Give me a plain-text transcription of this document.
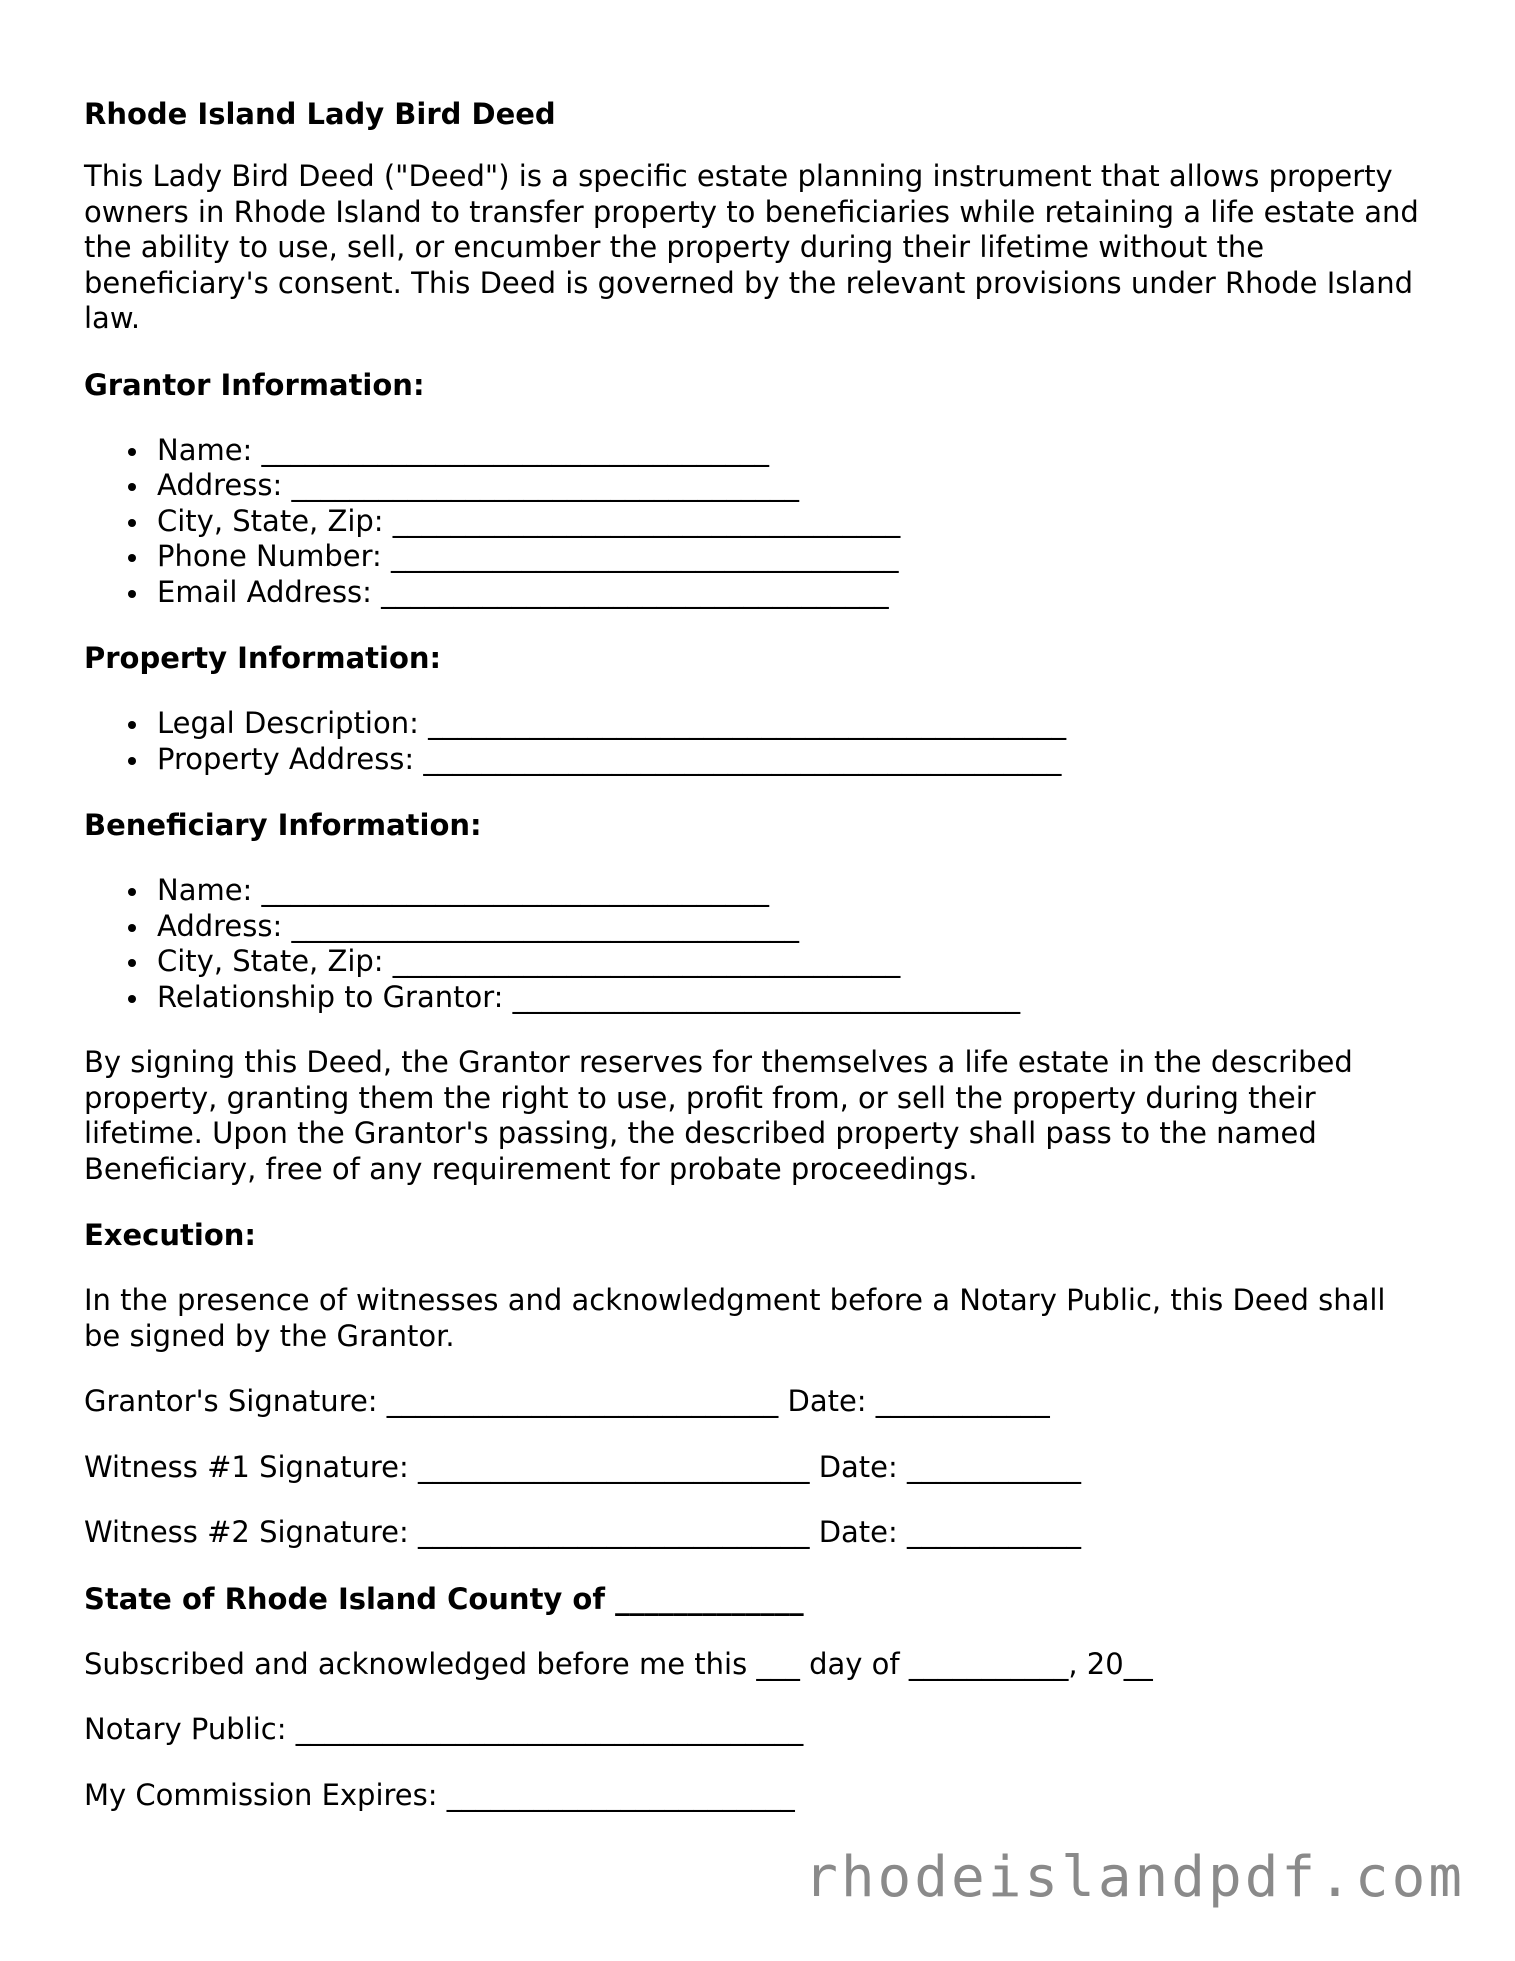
Rhode Island Lady Bird Deed

This Lady Bird Deed ("Deed") is a specific estate planning instrument that allows property owners in Rhode Island to transfer property to beneficiaries while retaining a life estate and the ability to use, sell, or encumber the property during their lifetime without the beneficiary's consent. This Deed is governed by the relevant provisions under Rhode Island law.

Grantor Information:

Name: ___________________________________
Address: ___________________________________
City, State, Zip: ___________________________________
Phone Number: ___________________________________
Email Address: ___________________________________

Property Information:

Legal Description: ____________________________________________
Property Address: ____________________________________________

Beneficiary Information:

Name: ___________________________________
Address: ___________________________________
City, State, Zip: ___________________________________
Relationship to Grantor: ___________________________________

By signing this Deed, the Grantor reserves for themselves a life estate in the described property, granting them the right to use, profit from, or sell the property during their lifetime. Upon the Grantor's passing, the described property shall pass to the named Beneficiary, free of any requirement for probate proceedings.

Execution:

In the presence of witnesses and acknowledgment before a Notary Public, this Deed shall be signed by the Grantor.

Grantor's Signature: ___________________________ Date: ____________

Witness #1 Signature: ___________________________ Date: ____________

Witness #2 Signature: ___________________________ Date: ____________

State of Rhode Island County of _____________

Subscribed and acknowledged before me this ___ day of ___________, 20__

Notary Public: ___________________________________

My Commission Expires: ________________________

rhodeislandpdf.com
